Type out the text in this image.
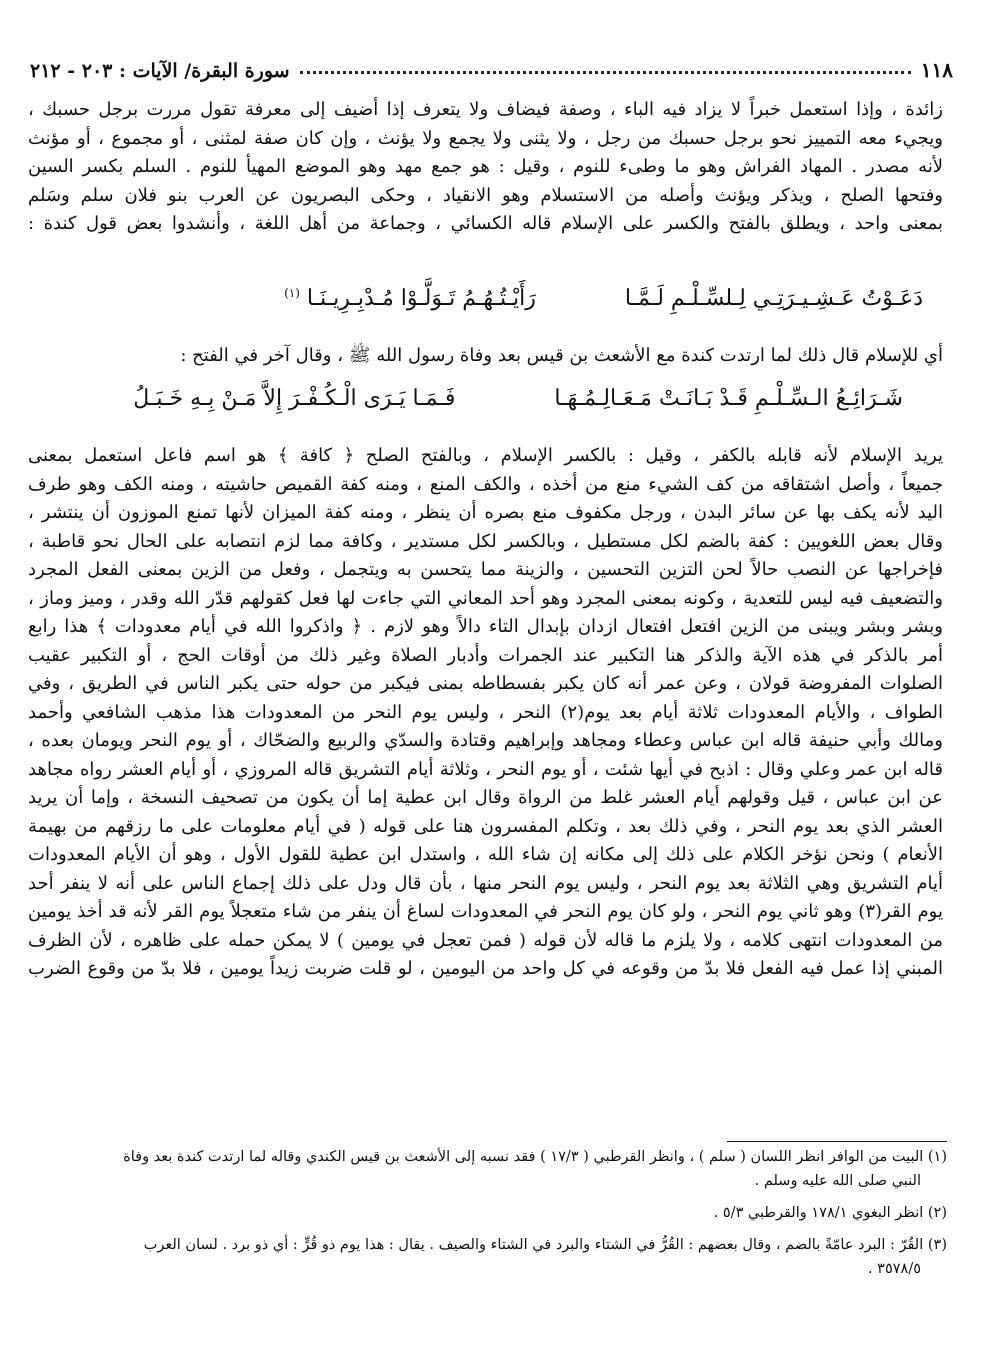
١١٨
سورة البقرة/ الآيات : ٢٠٣ - ٢١٢
زائدة ، وإذا استعمل خبراً لا يزاد فيه الباء ، وصفة فيضاف ولا يتعرف إذا أضيف إلى معرفة تقول مررت برجل حسبك ،
ويجيء معه التمييز نحو برجل حسبك من رجل ، ولا يثنى ولا يجمع ولا يؤنث ، وإن كان صفة لمثنى ، أو مجموع ، أو مؤنث
لأنه مصدر . المهاد الفراش وهو ما وطىء للنوم ، وقيل : هو جمع مهد وهو الموضع المهيأ للنوم . السلم بكسر السين
وفتحها الصلح ، ويذكر ويؤنث وأصله من الاستسلام وهو الانقياد ، وحكى البصريون عن العرب بنو فلان سلم وسَلم
بمعنى واحد ، ويطلق بالفتح والكسر على الإسلام قاله الكسائي ، وجماعة من أهل اللغة ، وأنشدوا بعض قول كندة :
دَعَـوْتُ عَـشِـيـرَتِـي لِـلسِّـلْـمِ لَـمَّـا  رَأَيْـتُـهُـمُ تَـوَلَّـوْا مُـدْبِـرِيـنَـا $^{(١)}$
أي للإسلام قال ذلك لما ارتدت كندة مع الأشعث بن قيس بعد وفاة رسول الله ﷺ ، وقال آخر في الفتح :
شَـرَائِـعُ الـسِّـلْـمِ قَـدْ بَـانَـتْ مَـعَـالِـمُـهَـا  فَـمَـا يَـرَى الْـكُـفْـرَ إِلاَّ مَـنْ بِـهِ خَـبَـلُ
يريد الإسلام لأنه قابله بالكفر ، وقيل : بالكسر الإسلام ، وبالفتح الصلح ﴿ كافة ﴾ هو اسم فاعل استعمل بمعنى
جميعاً ، وأصل اشتقاقه من كف الشيء منع من أخذه ، والكف المنع ، ومنه كفة القميص حاشيته ، ومنه الكف وهو طرف
اليد لأنه يكف بها عن سائر البدن ، ورجل مكفوف منع بصره أن ينظر ، ومنه كفة الميزان لأنها تمنع الموزون أن ينتشر ،
وقال بعض اللغويين : كفة بالضم لكل مستطيل ، وبالكسر لكل مستدير ، وكافة مما لزم انتصابه على الحال نحو قاطبة ،
فإخراجها عن النصب حالاً لحن التزين التحسين ، والزينة مما يتحسن به ويتجمل ، وفعل من الزين بمعنى الفعل المجرد
والتضعيف فيه ليس للتعدية ، وكونه بمعنى المجرد وهو أحد المعاني التي جاءت لها فعل كقولهم قدّر الله وقدر ، وميز وماز ،
وبشر وبشر ويبنى من الزين افتعل افتعال ازدان بإبدال التاء دالاً وهو لازم . ﴿ واذكروا الله في أيام معدودات ﴾ هذا رابع
أمر بالذكر في هذه الآية والذكر هنا التكبير عند الجمرات وأدبار الصلاة وغير ذلك من أوقات الحج ، أو التكبير عقيب
الصلوات المفروضة قولان ، وعن عمر أنه كان يكبر بفسطاطه بمنى فيكبر من حوله حتى يكبر الناس في الطريق ، وفي
الطواف ، والأيام المعدودات ثلاثة أيام بعد يوم(٢) النحر ، وليس يوم النحر من المعدودات هذا مذهب الشافعي وأحمد
ومالك وأبي حنيفة قاله ابن عباس وعطاء ومجاهد وإبراهيم وقتادة والسدّي والربيع والضحّاك ، أو يوم النحر ويومان بعده ،
قاله ابن عمر وعلي وقال : اذبح في أيها شئت ، أو يوم النحر ، وثلاثة أيام التشريق قاله المروزي ، أو أيام العشر رواه مجاهد
عن ابن عباس ، قيل وقولهم أيام العشر غلط من الرواة وقال ابن عطية إما أن يكون من تصحيف النسخة ، وإما أن يريد
العشر الذي بعد يوم النحر ، وفي ذلك بعد ، وتكلم المفسرون هنا على قوله ( في أيام معلومات على ما رزقهم من بهيمة
الأنعام ) ونحن نؤخر الكلام على ذلك إلى مكانه إن شاء الله ، واستدل ابن عطية للقول الأول ، وهو أن الأيام المعدودات
أيام التشريق وهي الثلاثة بعد يوم النحر ، وليس يوم النحر منها ، بأن قال ودل على ذلك إجماع الناس على أنه لا ينفر أحد
يوم القر(٣) وهو ثاني يوم النحر ، ولو كان يوم النحر في المعدودات لساغ أن ينفر من شاء متعجلاً يوم القر لأنه قد أخذ يومين
من المعدودات انتهى كلامه ، ولا يلزم ما قاله لأن قوله ( فمن تعجل في يومين ) لا يمكن حمله على ظاهره ، لأن الظرف
المبني إذا عمل فيه الفعل فلا بدّ من وقوعه في كل واحد من اليومين ، لو قلت ضربت زيداً يومين ، فلا بدّ من وقوع الضرب
(١) البيت من الوافر انظر اللسان ( سلم ) ، وانظر القرطبي ( ١٧/٣ ) فقد نسبه إلى الأشعث بن قيس الكندي وقاله لما ارتدت كندة بعد وفاة
النبي صلى الله عليه وسلم .
(٢) انظر البغوي ١٧٨/١ والقرطبي ٥/٣ .
(٣) القُرّ : البرد عامّةً بالضم ، وقال بعضهم : القُرُّ في الشتاء والبرد في الشتاء والصيف . يقال : هذا يوم ذو قُرٍّ : أي ذو برد . لسان العرب
٣٥٧٨/٥ .
